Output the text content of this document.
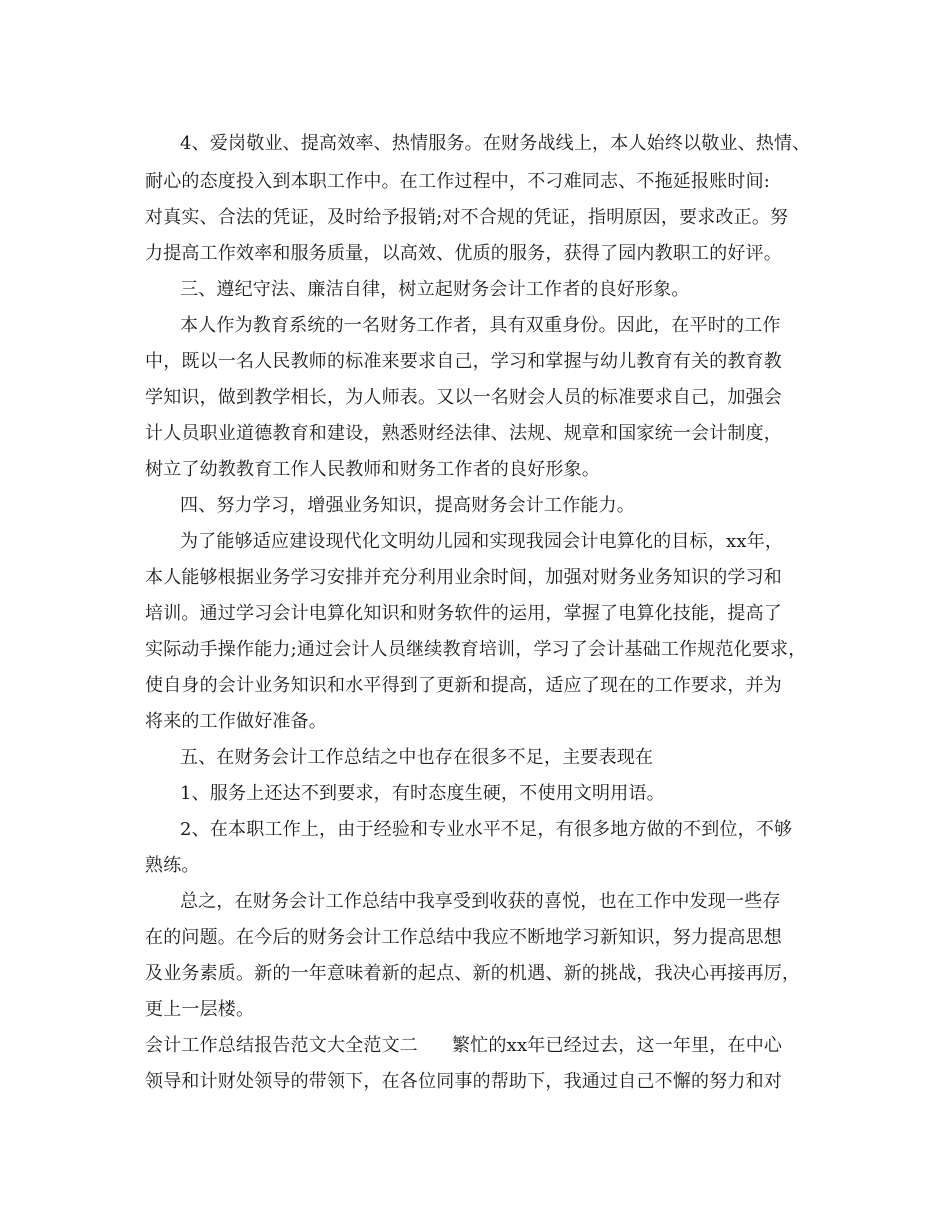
4、爱岗敬业、提高效率、热情服务。在财务战线上，本人始终以敬业、热情、
耐心的态度投入到本职工作中。在工作过程中，不刁难同志、不拖延报账时间:
对真实、合法的凭证，及时给予报销;对不合规的凭证，指明原因，要求改正。努
力提高工作效率和服务质量，以高效、优质的服务，获得了园内教职工的好评。
三、遵纪守法、廉洁自律，树立起财务会计工作者的良好形象。
本人作为教育系统的一名财务工作者，具有双重身份。因此，在平时的工作
中，既以一名人民教师的标准来要求自己，学习和掌握与幼儿教育有关的教育教
学知识，做到教学相长，为人师表。又以一名财会人员的标准要求自己，加强会
计人员职业道德教育和建设，熟悉财经法律、法规、规章和国家统一会计制度，
树立了幼教教育工作人民教师和财务工作者的良好形象。
四、努力学习，增强业务知识，提高财务会计工作能力。
为了能够适应建设现代化文明幼儿园和实现我园会计电算化的目标，xx年，
本人能够根据业务学习安排并充分利用业余时间，加强对财务业务知识的学习和
培训。通过学习会计电算化知识和财务软件的运用，掌握了电算化技能，提高了
实际动手操作能力;通过会计人员继续教育培训，学习了会计基础工作规范化要求，
使自身的会计业务知识和水平得到了更新和提高，适应了现在的工作要求，并为
将来的工作做好准备。
五、在财务会计工作总结之中也存在很多不足，主要表现在
1、服务上还达不到要求，有时态度生硬，不使用文明用语。
2、在本职工作上，由于经验和专业水平不足，有很多地方做的不到位，不够
熟练。
总之，在财务会计工作总结中我享受到收获的喜悦，也在工作中发现一些存
在的问题。在今后的财务会计工作总结中我应不断地学习新知识，努力提高思想
及业务素质。新的一年意味着新的起点、新的机遇、新的挑战，我决心再接再厉，
更上一层楼。
会计工作总结报告范文大全范文二 繁忙的xx年已经过去，这一年里，在中心
领导和计财处领导的带领下，在各位同事的帮助下，我通过自己不懈的努力和对
